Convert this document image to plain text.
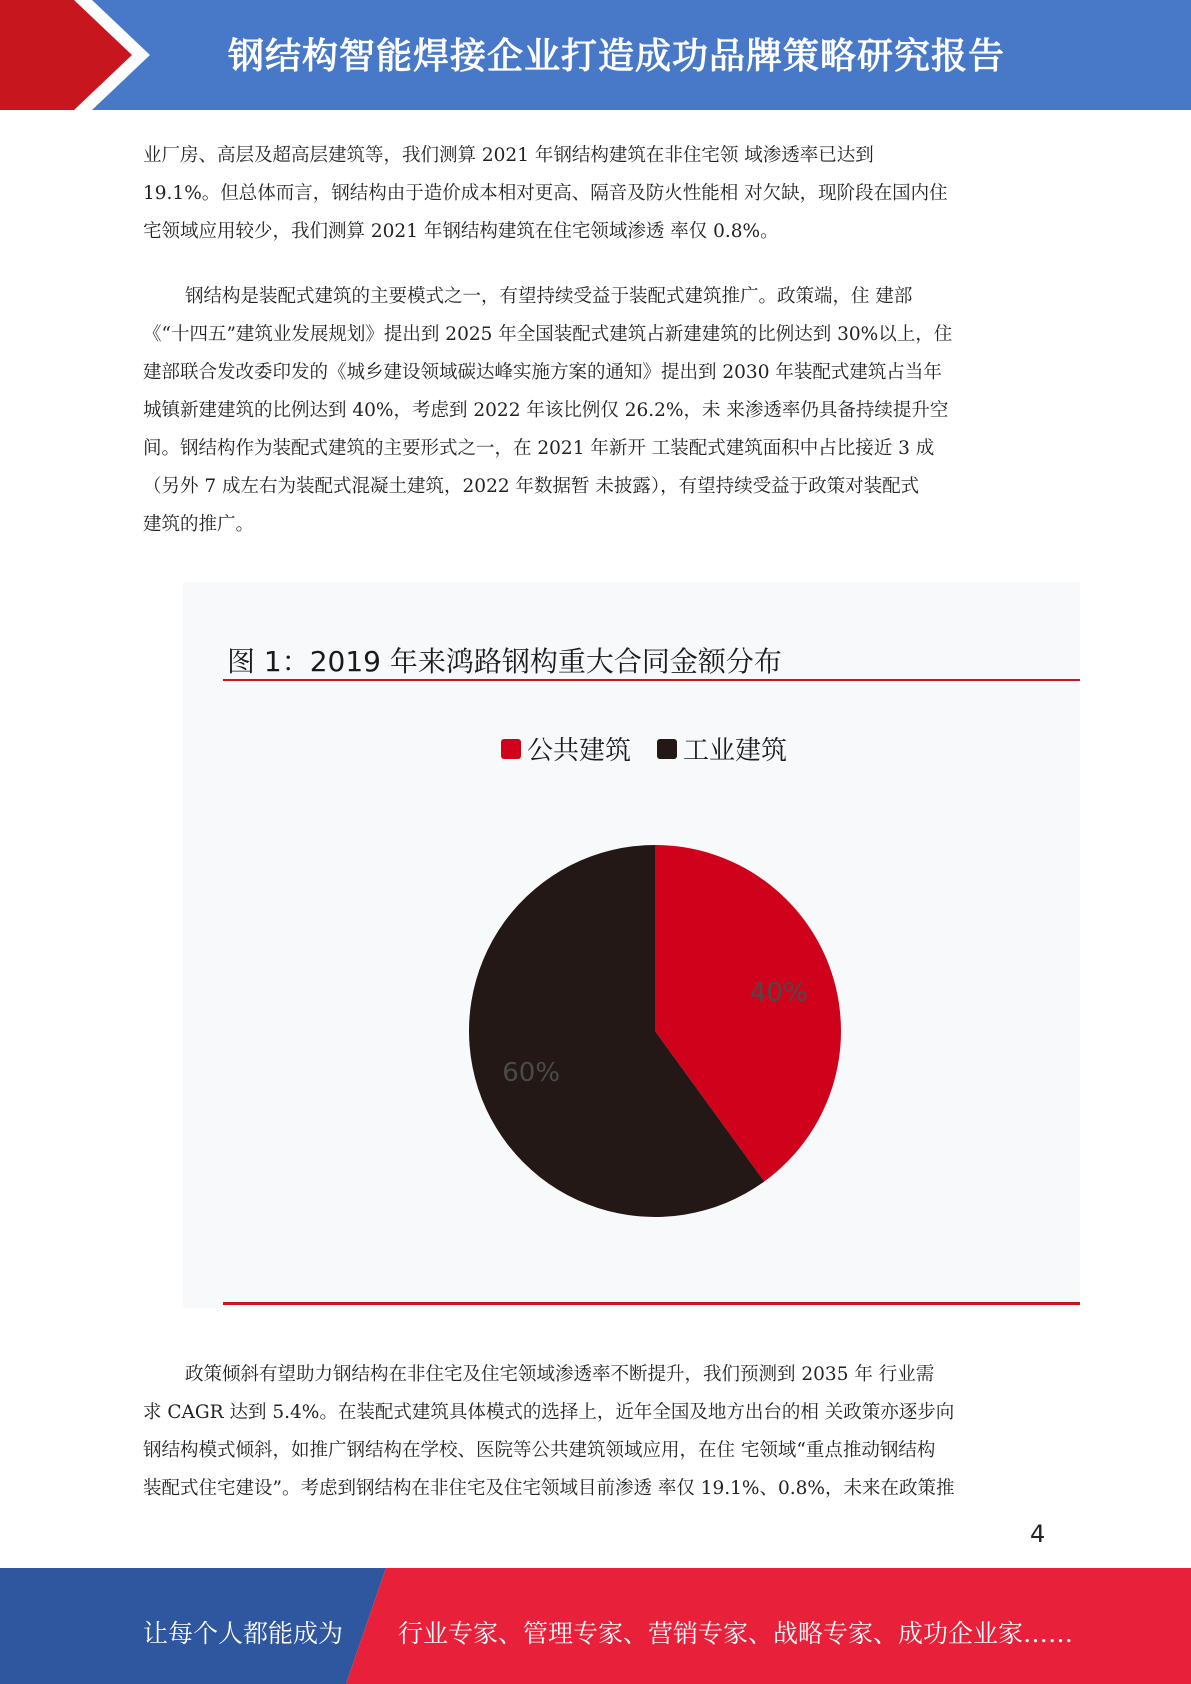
钢结构智能焊接企业打造成功品牌策略研究报告
业厂房、高层及超高层建筑等，我们测算 2021 年钢结构建筑在非住宅领 域渗透率已达到
19.1%。但总体而言，钢结构由于造价成本相对更高、隔音及防火性能相 对欠缺，现阶段在国内住
宅领域应用较少，我们测算 2021 年钢结构建筑在住宅领域渗透 率仅 0.8%。
钢结构是装配式建筑的主要模式之一，有望持续受益于装配式建筑推广。政策端，住 建部
《“十四五”建筑业发展规划》提出到 2025 年全国装配式建筑占新建建筑的比例达到 30%以上，住
建部联合发改委印发的《城乡建设领域碳达峰实施方案的通知》提出到 2030 年装配式建筑占当年
城镇新建建筑的比例达到 40%，考虑到 2022 年该比例仅 26.2%，未 来渗透率仍具备持续提升空
间。钢结构作为装配式建筑的主要形式之一，在 2021 年新开 工装配式建筑面积中占比接近 3 成
（另外 7 成左右为装配式混凝土建筑，2022 年数据暂 未披露），有望持续受益于政策对装配式
建筑的推广。
图 1：2019 年来鸿路钢构重大合同金额分布
公共建筑 工业建筑
40%
60%
政策倾斜有望助力钢结构在非住宅及住宅领域渗透率不断提升，我们预测到 2035 年 行业需
求 CAGR 达到 5.4%。在装配式建筑具体模式的选择上，近年全国及地方出台的相 关政策亦逐步向
钢结构模式倾斜，如推广钢结构在学校、医院等公共建筑领域应用，在住 宅领域“重点推动钢结构
装配式住宅建设”。考虑到钢结构在非住宅及住宅领域目前渗透 率仅 19.1%、0.8%，未来在政策推
4
让每个人都能成为 行业专家、管理专家、营销专家、战略专家、成功企业家……
